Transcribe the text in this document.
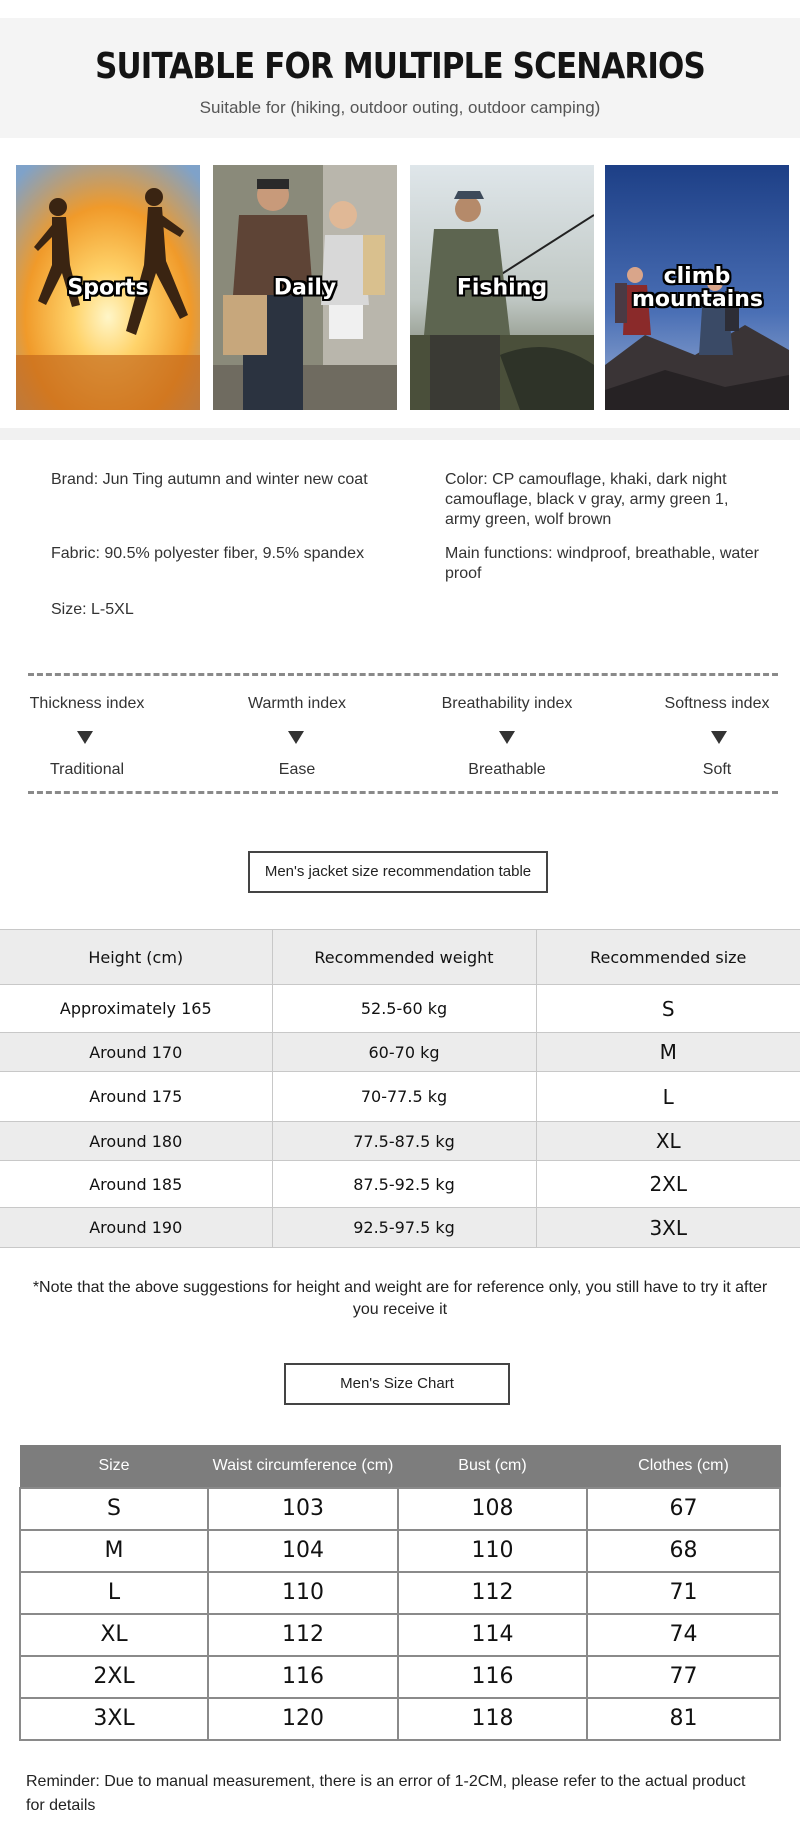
SUITABLE FOR MULTIPLE SCENARIOS
Suitable for (hiking, outdoor outing, outdoor camping)
Sports	Daily	Fishing	climb mountains
Brand: Jun Ting autumn and winter new coat	Color: CP camouflage, khaki, dark night camouflage, black v gray, army green 1, army green, wolf brown
Fabric: 90.5% polyester fiber, 9.5% spandex	Main functions: windproof, breathable, water proof
Size: L-5XL
Thickness index
Traditional
Warmth index
Ease
Breathability index
Breathable
Softness index
Soft
Men's jacket size recommendation table
Height (cm)	Recommended weight	Recommended size
Approximately 165	52.5-60 kg	S
Around 170	60-70 kg	M
Around 175	70-77.5 kg	L
Around 180	77.5-87.5 kg	XL
Around 185	87.5-92.5 kg	2XL
Around 190	92.5-97.5 kg	3XL
*Note that the above suggestions for height and weight are for reference only, you still have to try it after you receive it
Men's Size Chart
Size	Waist circumference (cm)	Bust (cm)	Clothes (cm)
S	103	108	67
M	104	110	68
L	110	112	71
XL	112	114	74
2XL	116	116	77
3XL	120	118	81
Reminder: Due to manual measurement, there is an error of 1-2CM, please refer to the actual product for details
